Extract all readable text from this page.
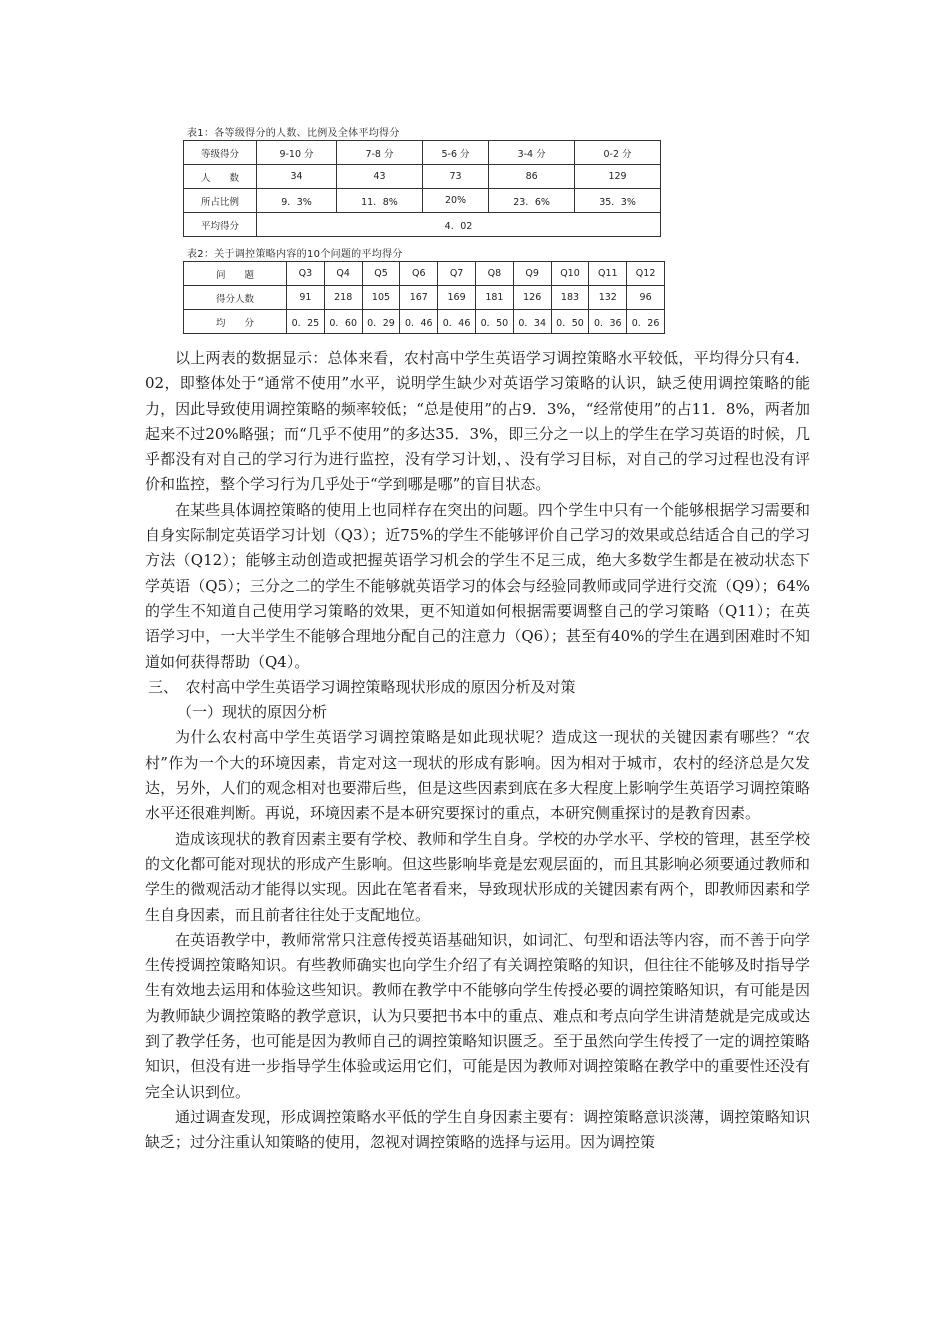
表1：各等级得分的人数、比例及全体平均得分
等级得分	9-10 分	7-8 分	5-6 分	3-4 分	0-2 分
人　　数	34	43	73	86	129
所占比例	9．3%	11．8%	20%	23．6%	35．3%
平均得分	4．02				
表2：关于调控策略内容的10个问题的平均得分
问　　题	Q3	Q4	Q5	Q6	Q7	Q8	Q9	Q10	Q11	Q12
得分人数	91	218	105	167	169	181	126	183	132	96
均　　分	0．25	0．60	0．29	0．46	0．46	0．50	0．34	0．50	0．36	0．26

以上两表的数据显示：总体来看，农村高中学生英语学习调控策略水平较低，平均得分只有4．02，即整体处于“通常不使用”水平，说明学生缺少对英语学习策略的认识，缺乏使用调控策略的能力，因此导致使用调控策略的频率较低；“总是使用”的占9．3%，“经常使用”的占11．8%，两者加起来不过20%略强；而“几乎不使用”的多达35．3%，即三分之一以上的学生在学习英语的时候，几乎都没有对自己的学习行为进行监控，没有学习计划，、没有学习目标，对自己的学习过程也没有评价和监控，整个学习行为几乎处于“学到哪是哪”的盲目状态。

在某些具体调控策略的使用上也同样存在突出的问题。四个学生中只有一个能够根据学习需要和自身实际制定英语学习计划（Q3）；近75%的学生不能够评价自己学习的效果或总结适合自己的学习方法（Q12）；能够主动创造或把握英语学习机会的学生不足三成，绝大多数学生都是在被动状态下学英语（Q5）；三分之二的学生不能够就英语学习的体会与经验同教师或同学进行交流（Q9）；64%的学生不知道自己使用学习策略的效果，更不知道如何根据需要调整自己的学习策略（Q11）；在英语学习中，一大半学生不能够合理地分配自己的注意力（Q6）；甚至有40%的学生在遇到困难时不知道如何获得帮助（Q4）。

三、　农村高中学生英语学习调控策略现状形成的原因分析及对策

（一）现状的原因分析

为什么农村高中学生英语学习调控策略是如此现状呢？造成这一现状的关键因素有哪些？“农村”作为一个大的环境因素，肯定对这一现状的形成有影响。因为相对于城市，农村的经济总是欠发达，另外，人们的观念相对也要滞后些，但是这些因素到底在多大程度上影响学生英语学习调控策略水平还很难判断。再说，环境因素不是本研究要探讨的重点，本研究侧重探讨的是教育因素。

造成该现状的教育因素主要有学校、教师和学生自身。学校的办学水平、学校的管理，甚至学校的文化都可能对现状的形成产生影响。但这些影响毕竟是宏观层面的，而且其影响必须要通过教师和学生的微观活动才能得以实现。因此在笔者看来，导致现状形成的关键因素有两个，即教师因素和学生自身因素，而且前者往往处于支配地位。

在英语教学中，教师常常只注意传授英语基础知识，如词汇、句型和语法等内容，而不善于向学生传授调控策略知识。有些教师确实也向学生介绍了有关调控策略的知识，但往往不能够及时指导学生有效地去运用和体验这些知识。教师在教学中不能够向学生传授必要的调控策略知识，有可能是因为教师缺少调控策略的教学意识，认为只要把书本中的重点、难点和考点向学生讲清楚就是完成或达到了教学任务，也可能是因为教师自己的调控策略知识匮乏。至于虽然向学生传授了一定的调控策略知识，但没有进一步指导学生体验或运用它们，可能是因为教师对调控策略在教学中的重要性还没有完全认识到位。

通过调查发现，形成调控策略水平低的学生自身因素主要有：调控策略意识淡薄，调控策略知识缺乏；过分注重认知策略的使用，忽视对调控策略的选择与运用。因为调控策
